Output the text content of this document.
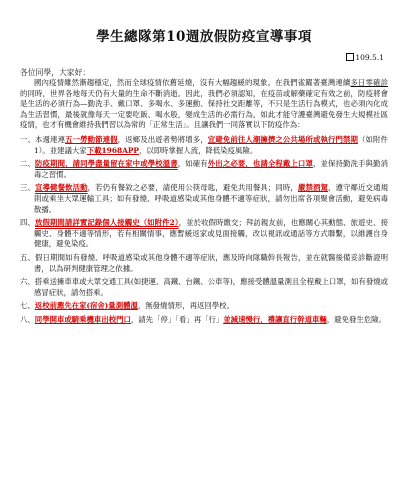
學生總隊第10週放假防疫宣導事項
109.5.1
各位同學，大家好：

國內疫情雖然漸趨穩定，然而全球疫情依舊延燒，沒有大幅趨緩的現象。在我們雀躍著臺灣連續多日零確診的同時，世界各地每天仍有大量的生命不斷消逝。因此，我們必須認知，在疫苗或解藥確定有效之前，防疫將會是生活的必須行為—勤洗手、戴口罩、多喝水、多運動、保持社交距離等，不只是生活行為模式，也必須內化成為生活習慣，最後就像每天一定要吃飯、喝水般，變成生活的必需行為，如此才能守護臺灣避免發生大規模社區疫情，也才有機會維持我們習以為常的「正常生活」。且讓我們一同落實以下防疫作為：

一、本週連連五一勞動節連假，返鄉及出遊者勢將增多，宜避免前往人潮擁擠之公共場所或執行門禁期（如附件1）。並建議大家下載1968APP，以即時掌握人流，降低染疫風險。

二、防疫期間，請同學盡量留在家中或學校溫書，如確有外出之必要，也請全程戴上口罩，並保持勤洗手與勤消毒之習慣。

三、宣導健餐飲活動，若仍有餐敘之必要，請使用公筷母匙，避免共用餐具；同時，嚴禁酒駕，遵守鄰近交通規則或乘坐大眾運輸工具；如有發燒、呼吸道感染或其他身體不適等症狀，請勿出席各項聚會活動，避免病毒散播。

四、放假期間請詳實記錄個人接觸史（如附件2），並於收假時繳交；拜訪親友前，也應關心其動態、旅遊史、接觸史、身體不適等情形，若有相關情事，應暫緩返家或見面接觸，改以視訊或通話等方式聯繫，以維護自身健康，避免染疫。

五、假日期間如有發燒、呼吸道感染或其他身體不適等症狀，應及時向隊職幹長報告，並在就醫後備妥診斷證明書，以為研判健康管理之依據。

六、搭乘送擁車車或大眾交通工具(如捷運、高鐵、台鐵、公車等)，應接受體溫量測且全程戴上口罩，如有發燒或感冒症狀，請勿搭乘。

七、返校前應先在家(宿舍)量測體溫，無發燒情形，再返回學校。

八、同學開車或騎乘機車出校門口，請先「停」「看」再「行」並減速慢行，禮讓直行幹道車輛，避免發生危險。
